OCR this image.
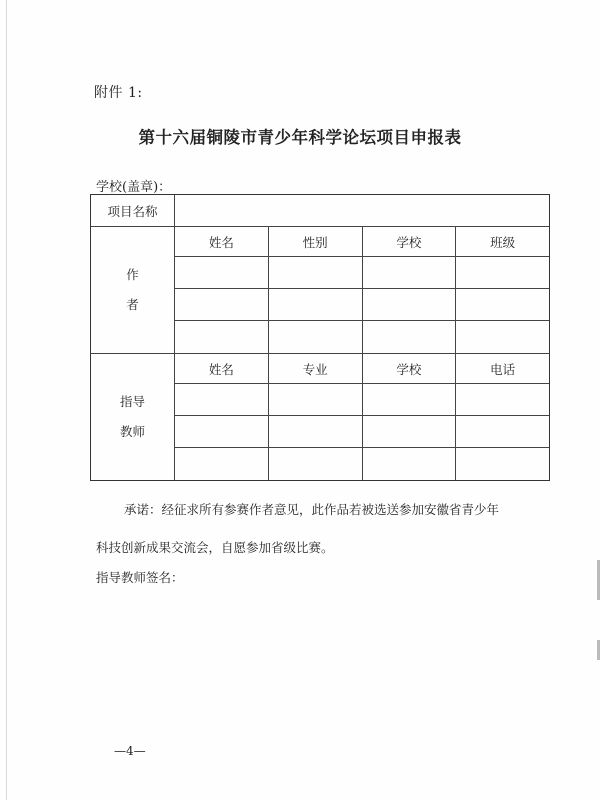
附件 1:
第十六届铜陵市青少年科学论坛项目申报表
学校(盖章)：
项目名称
作
者
姓名	性别	学校	班级
指导
教师
姓名	专业	学校	电话
承诺：经征求所有参赛作者意见，此作品若被选送参加安徽省青少年
科技创新成果交流会，自愿参加省级比赛。
指导教师签名：
—4—
